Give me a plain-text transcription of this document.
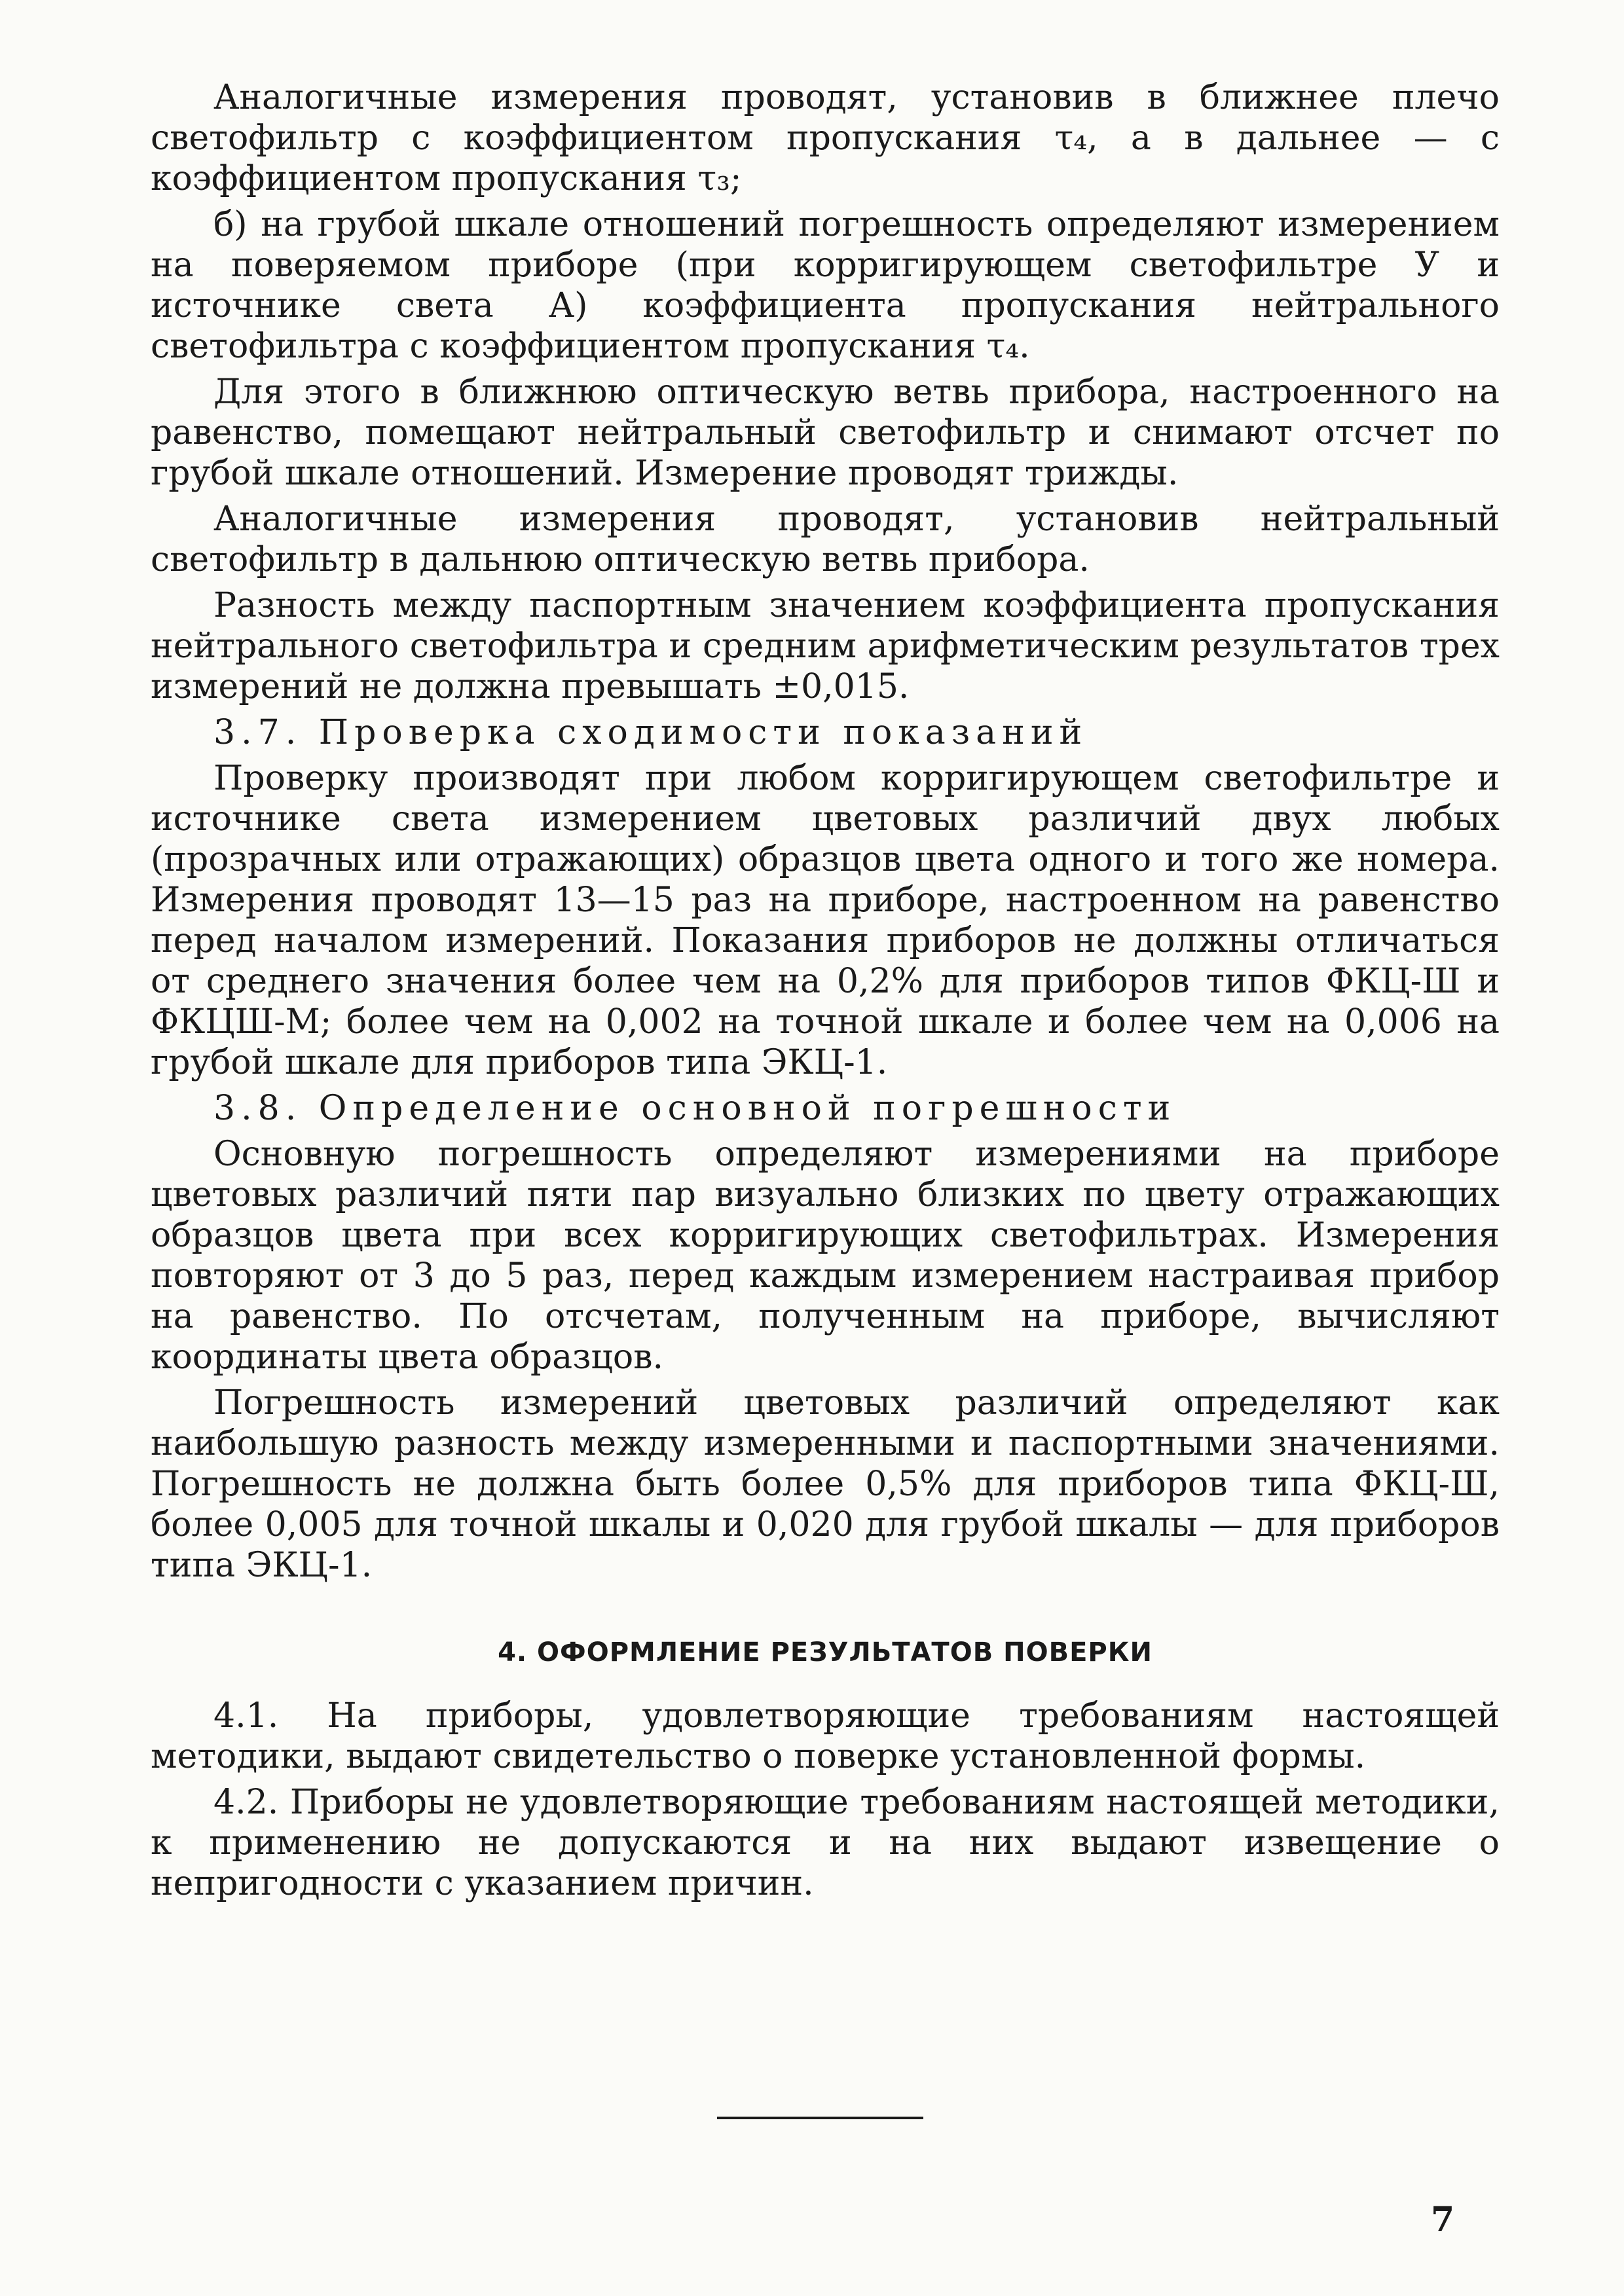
Аналогичные измерения проводят, установив в ближнее плечо светофильтр с коэффициентом пропускания τ₄, а в дальнее — с коэффициентом пропускания τ₃;

б) на грубой шкале отношений погрешность определяют измерением на поверяемом приборе (при корригирующем светофильтре У и источнике света А) коэффициента пропускания нейтрального светофильтра с коэффициентом пропускания τ₄.

Для этого в ближнюю оптическую ветвь прибора, настроенного на равенство, помещают нейтральный светофильтр и снимают отсчет по грубой шкале отношений. Измерение проводят трижды.

Аналогичные измерения проводят, установив нейтральный светофильтр в дальнюю оптическую ветвь прибора.

Разность между паспортным значением коэффициента пропускания нейтрального светофильтра и средним арифметическим результатов трех измерений не должна превышать ±0,015.

3.7. Проверка сходимости показаний

Проверку производят при любом корригирующем светофильтре и источнике света измерением цветовых различий двух любых (прозрачных или отражающих) образцов цвета одного и того же номера. Измерения проводят 13—15 раз на приборе, настроенном на равенство перед началом измерений. Показания приборов не должны отличаться от среднего значения более чем на 0,2% для приборов типов ФКЦ-Ш и ФКЦШ-М; более чем на 0,002 на точной шкале и более чем на 0,006 на грубой шкале для приборов типа ЭКЦ-1.

3.8. Определение основной погрешности

Основную погрешность определяют измерениями на приборе цветовых различий пяти пар визуально близких по цвету отражающих образцов цвета при всех корригирующих светофильтрах. Измерения повторяют от 3 до 5 раз, перед каждым измерением настраивая прибор на равенство. По отсчетам, полученным на приборе, вычисляют координаты цвета образцов.

Погрешность измерений цветовых различий определяют как наибольшую разность между измеренными и паспортными значениями. Погрешность не должна быть более 0,5% для приборов типа ФКЦ-Ш, более 0,005 для точной шкалы и 0,020 для грубой шкалы — для приборов типа ЭКЦ-1.

4. ОФОРМЛЕНИЕ РЕЗУЛЬТАТОВ ПОВЕРКИ

4.1. На приборы, удовлетворяющие требованиям настоящей методики, выдают свидетельство о поверке установленной формы.

4.2. Приборы не удовлетворяющие требованиям настоящей методики, к применению не допускаются и на них выдают извещение о непригодности с указанием причин.

7
